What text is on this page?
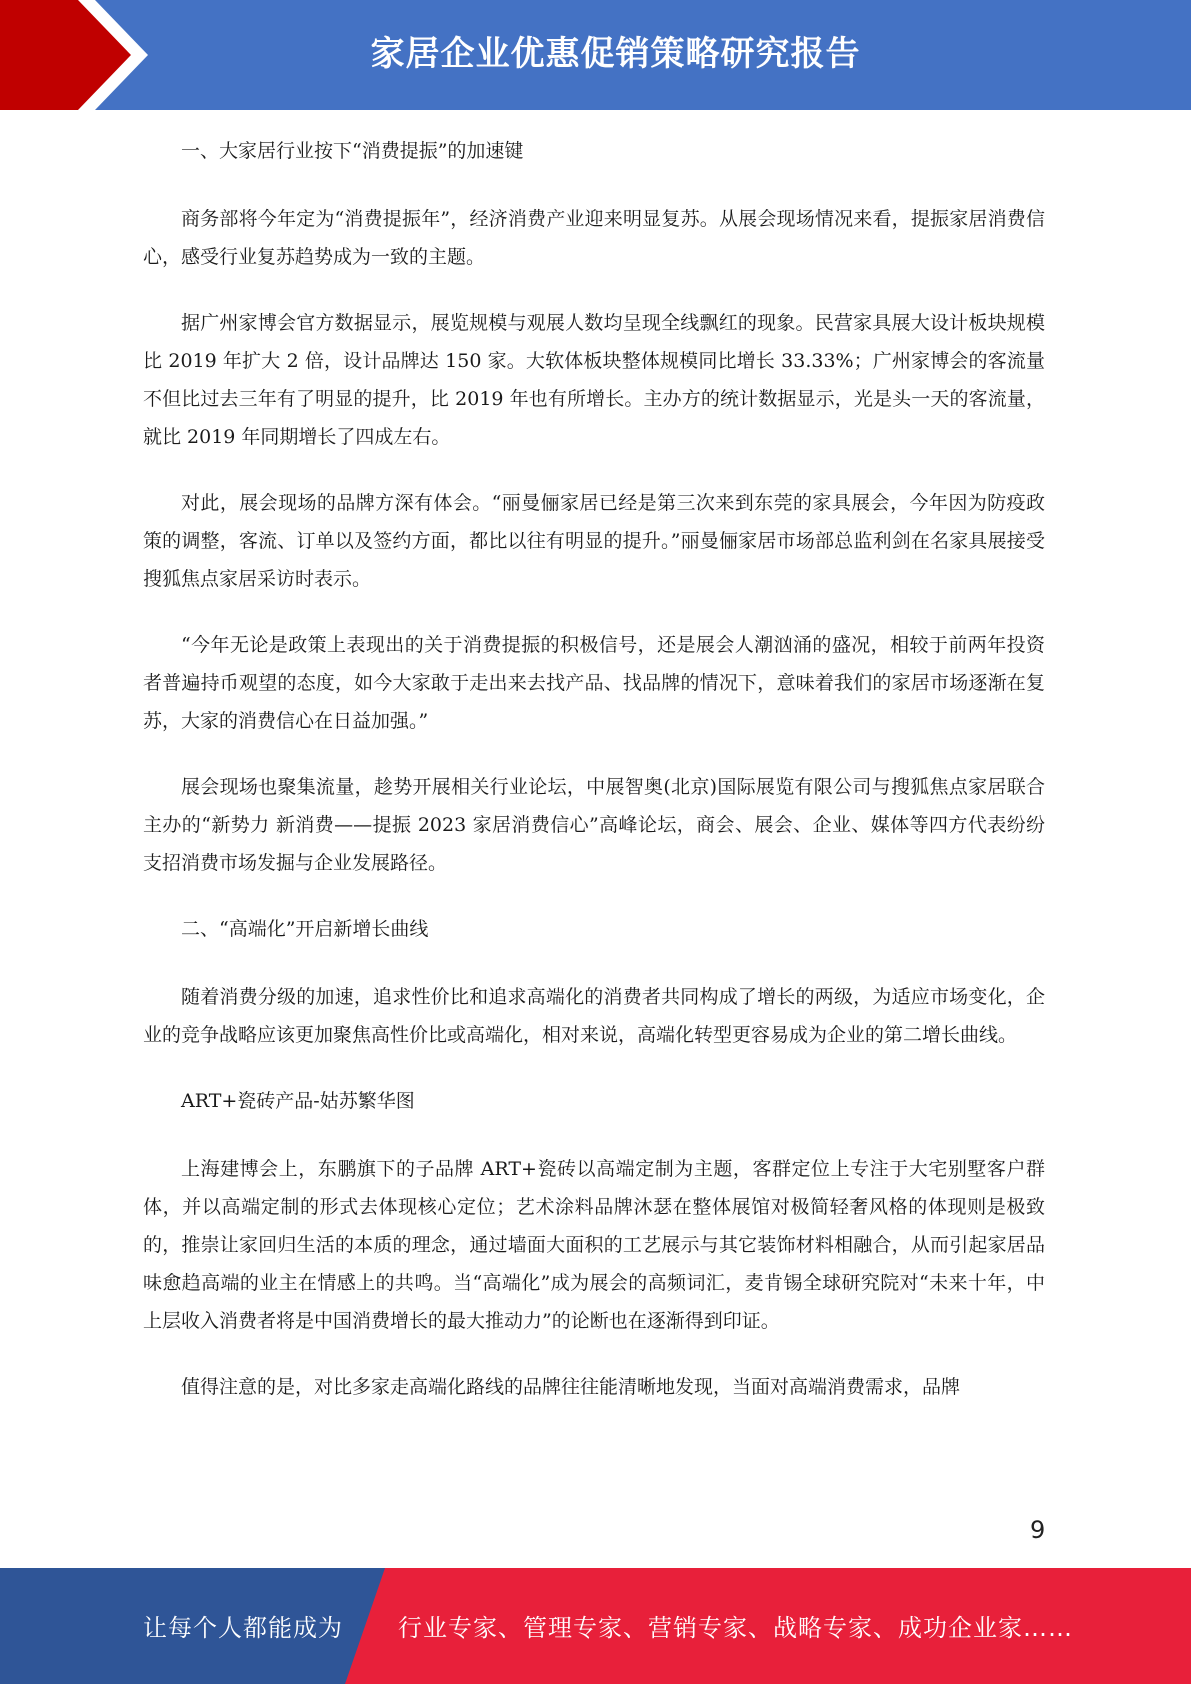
家居企业优惠促销策略研究报告

一、大家居行业按下“消费提振”的加速键

商务部将今年定为“消费提振年”，经济消费产业迎来明显复苏。从展会现场情况来看，提振家居消费信心，感受行业复苏趋势成为一致的主题。

据广州家博会官方数据显示，展览规模与观展人数均呈现全线飘红的现象。民营家具展大设计板块规模比 2019 年扩大 2 倍，设计品牌达 150 家。大软体板块整体规模同比增长 33.33%；广州家博会的客流量不但比过去三年有了明显的提升，比 2019 年也有所增长。主办方的统计数据显示，光是头一天的客流量，就比 2019 年同期增长了四成左右。

对此，展会现场的品牌方深有体会。“丽曼俪家居已经是第三次来到东莞的家具展会，今年因为防疫政策的调整，客流、订单以及签约方面，都比以往有明显的提升。”丽曼俪家居市场部总监利剑在名家具展接受搜狐焦点家居采访时表示。

“今年无论是政策上表现出的关于消费提振的积极信号，还是展会人潮汹涌的盛况，相较于前两年投资者普遍持币观望的态度，如今大家敢于走出来去找产品、找品牌的情况下，意味着我们的家居市场逐渐在复苏，大家的消费信心在日益加强。”

展会现场也聚集流量，趁势开展相关行业论坛，中展智奥(北京)国际展览有限公司与搜狐焦点家居联合主办的“新势力 新消费——提振 2023 家居消费信心”高峰论坛，商会、展会、企业、媒体等四方代表纷纷支招消费市场发掘与企业发展路径。

二、“高端化”开启新增长曲线

随着消费分级的加速，追求性价比和追求高端化的消费者共同构成了增长的两级，为适应市场变化，企业的竞争战略应该更加聚焦高性价比或高端化，相对来说，高端化转型更容易成为企业的第二增长曲线。

ART+瓷砖产品-姑苏繁华图

上海建博会上，东鹏旗下的子品牌 ART+瓷砖以高端定制为主题，客群定位上专注于大宅别墅客户群体，并以高端定制的形式去体现核心定位；艺术涂料品牌沐瑟在整体展馆对极简轻奢风格的体现则是极致的，推崇让家回归生活的本质的理念，通过墙面大面积的工艺展示与其它装饰材料相融合，从而引起家居品味愈趋高端的业主在情感上的共鸣。当“高端化”成为展会的高频词汇，麦肯锡全球研究院对“未来十年，中上层收入消费者将是中国消费增长的最大推动力”的论断也在逐渐得到印证。

值得注意的是，对比多家走高端化路线的品牌往往能清晰地发现，当面对高端消费需求，品牌

9
让每个人都能成为 行业专家、管理专家、营销专家、战略专家、成功企业家……
